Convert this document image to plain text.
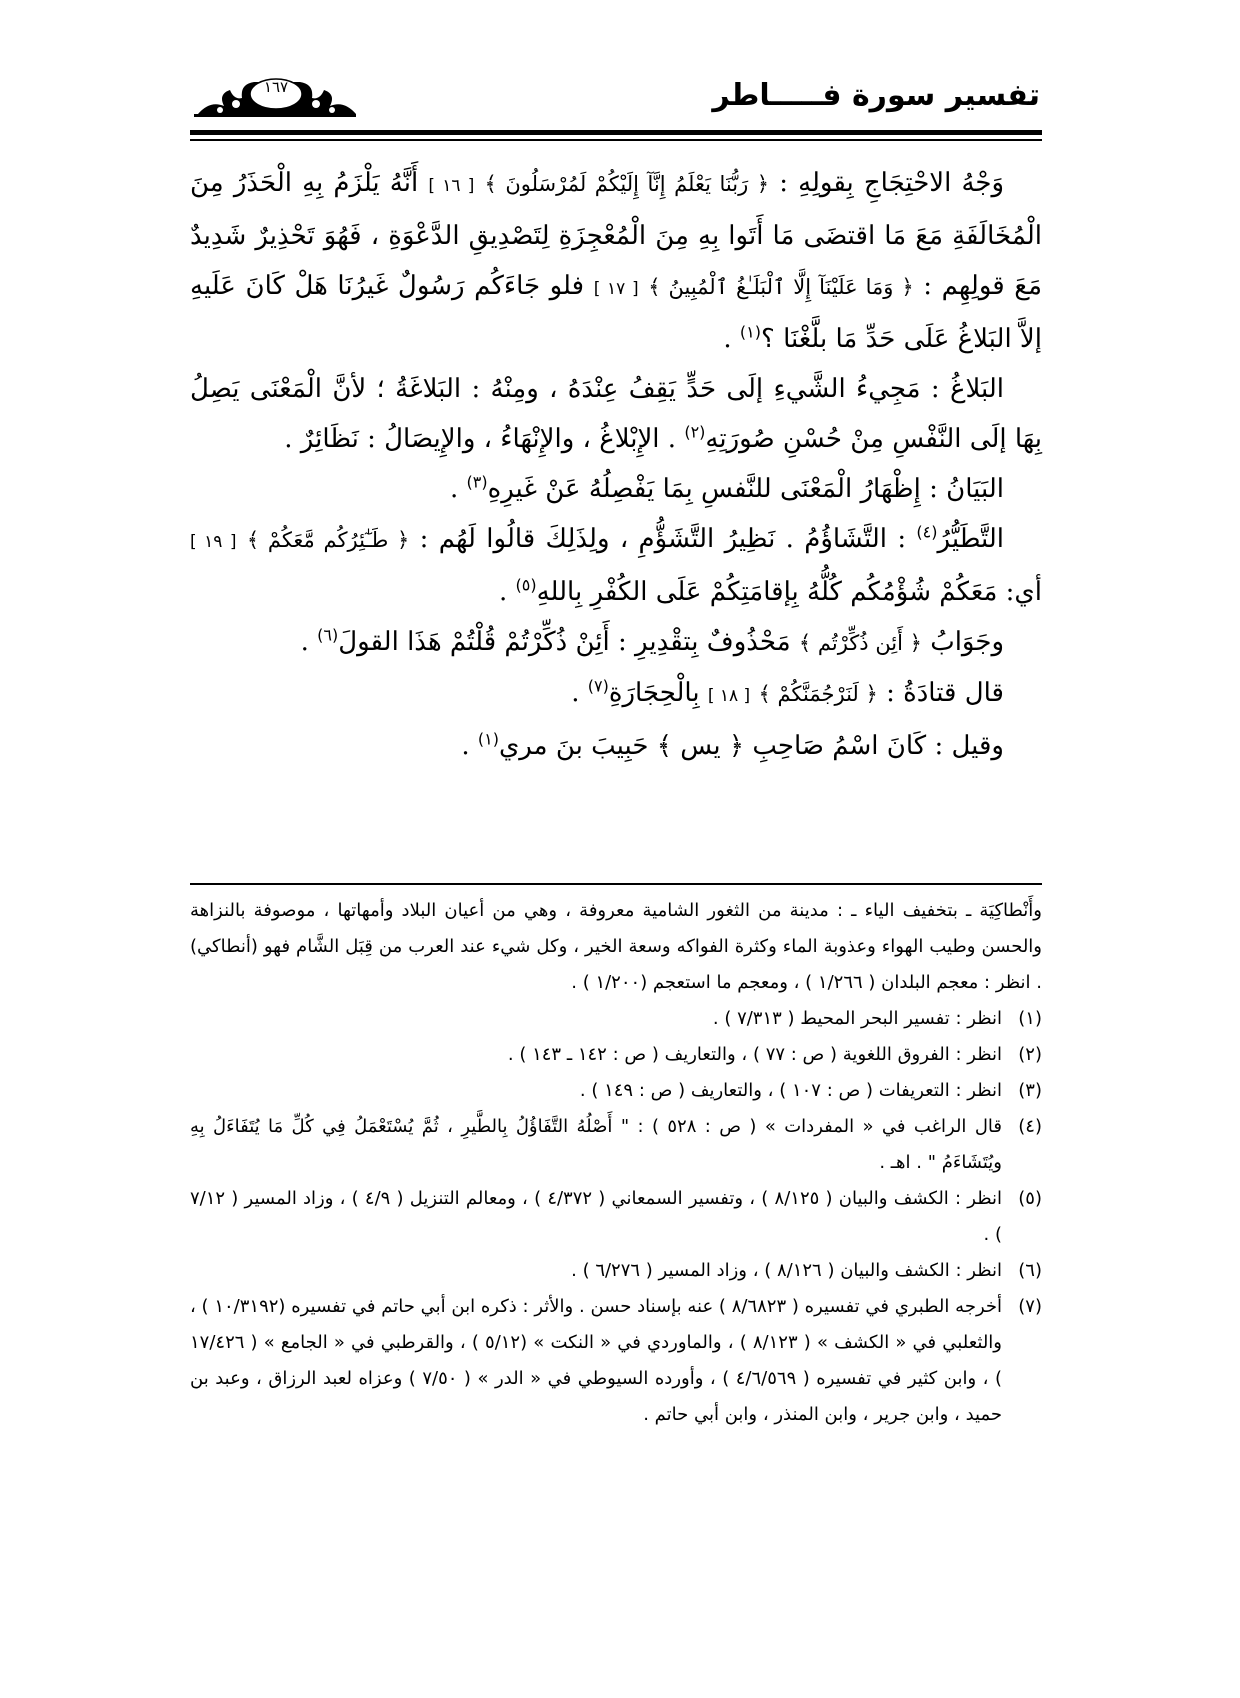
تفسير سورة فـــــاطر
١٦٧

وَجْهُ الاحْتِجَاجِ بِقولِهِ : ﴿ رَبُّنَا يَعْلَمُ إِنَّآ إِلَيْكُمْ لَمُرْسَلُونَ ﴾ [ ١٦ ] أَنَّهُ يَلْزَمُ بِهِ الْحَذَرُ مِنَ الْمُخَالَفَةِ مَعَ مَا اقتضَى مَا أَتَوا بِهِ مِنَ الْمُعْجِزَةِ لِتَصْدِيقِ الدَّعْوَةِ ، فَهُوَ تَحْذِيرٌ شَدِيدٌ مَعَ قولِهِم : ﴿ وَمَا عَلَيْنَآ إِلَّا ٱلْبَلَـٰغُ ٱلْمُبِينُ ﴾ [ ١٧ ] فلو جَاءَكُم رَسُولٌ غَيرُنَا هَلْ كَانَ عَلَيهِ إلاَّ البَلاغُ عَلَى حَدِّ مَا بلَّغْنَا ؟$^{(١)}$ .

البَلاغُ : مَجِيءُ الشَّيءِ إلَى حَدٍّ يَقِفُ عِنْدَهُ ، ومِنْهُ : البَلاغَةُ ؛ لأنَّ الْمَعْنَى يَصِلُ بِهَا إلَى النَّفْسِ مِنْ حُسْنِ صُورَتِهِ$^{(٢)}$ . الإِبْلاغُ ، والإِنْهَاءُ ، والإِيصَالُ : نَظَائِرٌ .

البَيَانُ : إِظْهَارُ الْمَعْنَى للنَّفسِ بِمَا يَفْصِلُهُ عَنْ غَيرِهِ$^{(٣)}$ .

التَّطَيُّرُ$^{(٤)}$ : التَّشَاؤُمُ . نَظِيرُ التَّشَؤُّمِ ، ولِذَلِكَ قالُوا لَهُم : ﴿ طَـٰٓئِرُكُم مَّعَكُمْ ﴾ [ ١٩ ] أي: مَعَكُمْ شُؤْمُكُم كُلُّهُ بِإقامَتِكُمْ عَلَى الكُفْرِ بِاللهِ$^{(٥)}$ .

وجَوَابُ ﴿ أَئِن ذُكِّرْتُم ﴾ مَحْذُوفٌ بِتقْدِيرِ : أَئِنْ ذُكِّرْتُمْ قُلْتُمْ هَذَا القولَ$^{(٦)}$ .

قال قتادَةُ : ﴿ لَنَرْجُمَنَّكُمْ ﴾ [ ١٨ ] بِالْحِجَارَةِ$^{(٧)}$ .

وقيل : كَانَ اسْمُ صَاحِبِ ﴿ يس ﴾ حَبِيبَ بنَ مري$^{(١)}$ .

وأَنْطاكِيَة ـ بتخفيف الياء ـ : مدينة من الثغور الشامية معروفة ، وهي من أعيان البلاد وأمهاتها ، موصوفة بالنزاهة والحسن وطيب الهواء وعذوبة الماء وكثرة الفواكه وسعة الخير ، وكل شيء عند العرب من قِبَل الشَّام فهو (أنطاكي) . انظر : معجم البلدان ( ١/٢٦٦ ) ، ومعجم ما استعجم (١/٢٠٠ ) .

(١)
انظر : تفسير البحر المحيط ( ٧/٣١٣ ) .
(٢)
انظر : الفروق اللغوية ( ص : ٧٧ ) ، والتعاريف ( ص : ١٤٢ ـ ١٤٣ ) .
(٣)
انظر : التعريفات ( ص : ١٠٧ ) ، والتعاريف ( ص : ١٤٩ ) .
(٤)
قال الراغب في « المفردات » ( ص : ٥٢٨ ) : " أَصْلُهُ التَّفَاؤُلُ بِالطَّيرِ ، ثُمَّ يُسْتَعْمَلُ فِي كُلِّ مَا يُتَفَاءَلُ بِهِ ويُتَشَاءَمُ " . اهـ .
(٥)
انظر : الكشف والبيان ( ٨/١٢٥ ) ، وتفسير السمعاني ( ٤/٣٧٢ ) ، ومعالم التنزيل ( ٤/٩ ) ، وزاد المسير ( ٧/١٢ ) .
(٦)
انظر : الكشف والبيان ( ٨/١٢٦ ) ، وزاد المسير ( ٦/٢٧٦ ) .
(٧)
أخرجه الطبري في تفسيره ( ٨/٦٨٢٣ ) عنه بإسناد حسن . والأثر : ذكره ابن أبي حاتم في تفسيره (١٠/٣١٩٢ ) ، والثعلبي في « الكشف » ( ٨/١٢٣ ) ، والماوردي في « النكت » (٥/١٢ ) ، والقرطبي في « الجامع » ( ١٧/٤٢٦ ) ، وابن كثير في تفسيره ( ٤/٦/٥٦٩ ) ، وأورده السيوطي في « الدر » ( ٧/٥٠ ) وعزاه لعبد الرزاق ، وعبد بن حميد ، وابن جرير ، وابن المنذر ، وابن أبي حاتم .
